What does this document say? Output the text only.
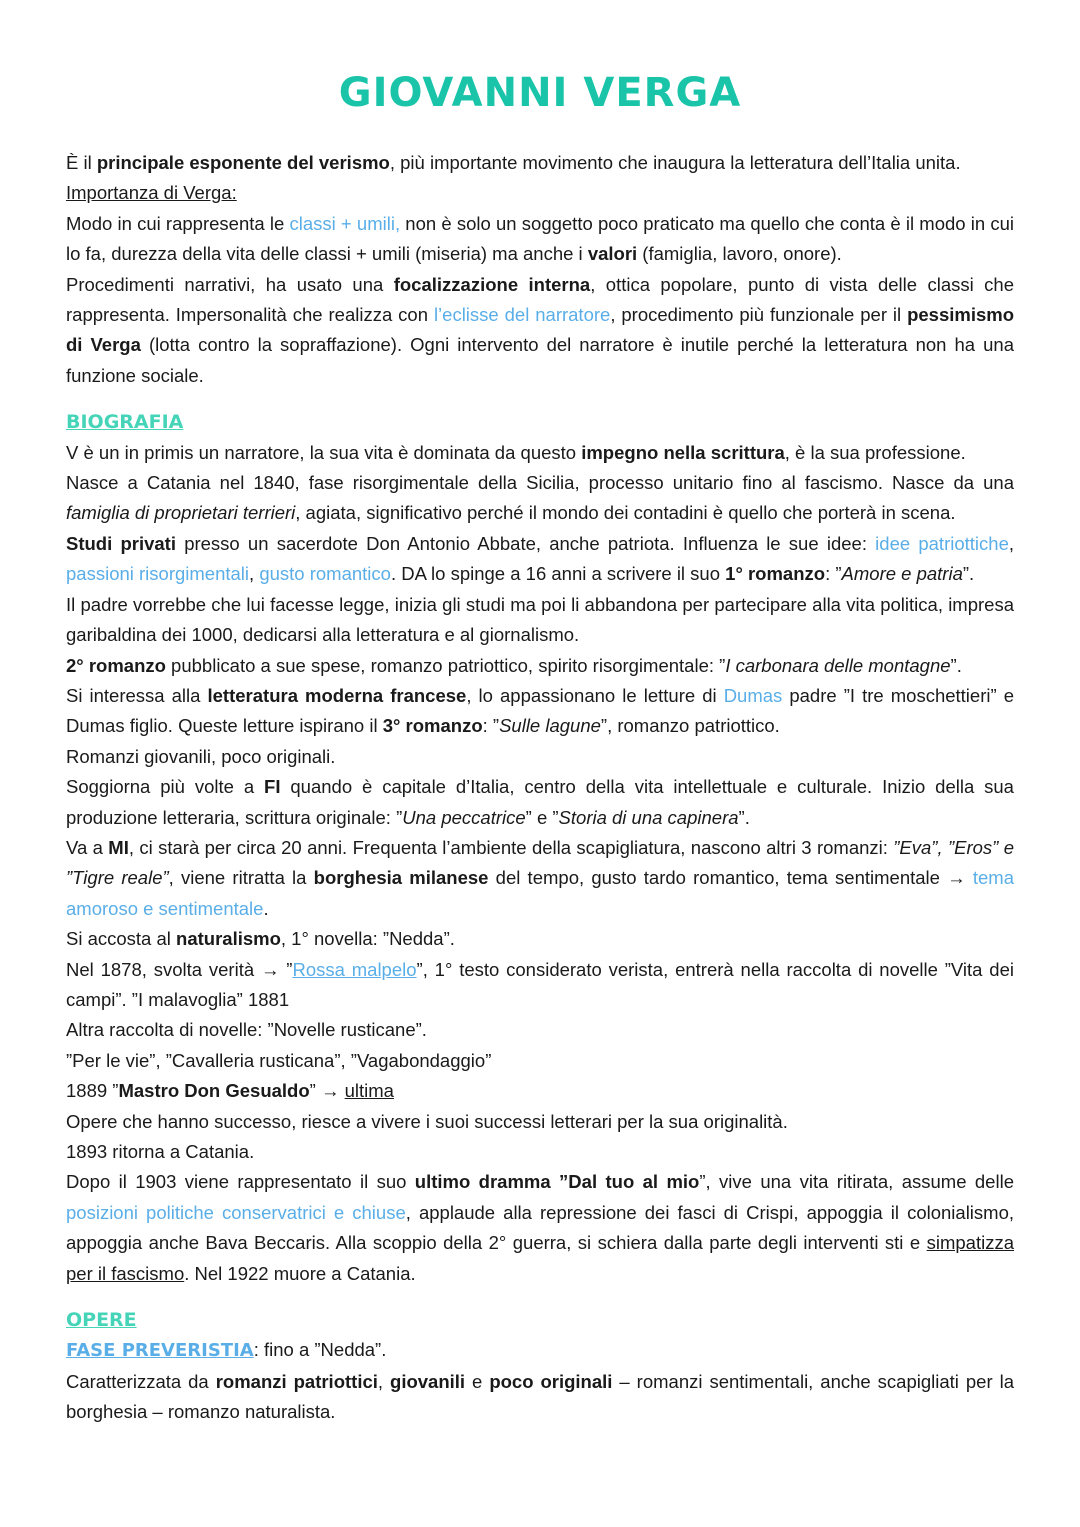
GIOVANNI VERGA

È il principale esponente del verismo, più importante movimento che inaugura la letteratura dell’Italia unita.

Importanza di Verga:

Modo in cui rappresenta le classi + umili, non è solo un soggetto poco praticato ma quello che conta è il modo in cui lo fa, durezza della vita delle classi + umili (miseria) ma anche i valori (famiglia, lavoro, onore).

Procedimenti narrativi, ha usato una focalizzazione interna, ottica popolare, punto di vista delle classi che rappresenta. Impersonalità che realizza con l’eclisse del narratore, procedimento più funzionale per il pessimismo di Verga (lotta contro la sopraffazione). Ogni intervento del narratore è inutile perché la letteratura non ha una funzione sociale.

BIOGRAFIA

V è un in primis un narratore, la sua vita è dominata da questo impegno nella scrittura, è la sua professione.

Nasce a Catania nel 1840, fase risorgimentale della Sicilia, processo unitario fino al fascismo. Nasce da una famiglia di proprietari terrieri, agiata, significativo perché il mondo dei contadini è quello che porterà in scena.

Studi privati presso un sacerdote Don Antonio Abbate, anche patriota. Influenza le sue idee: idee patriottiche, passioni risorgimentali, gusto romantico. DA lo spinge a 16 anni a scrivere il suo 1° romanzo: ”Amore e patria”.

Il padre vorrebbe che lui facesse legge, inizia gli studi ma poi li abbandona per partecipare alla vita politica, impresa garibaldina dei 1000, dedicarsi alla letteratura e al giornalismo.

2° romanzo pubblicato a sue spese, romanzo patriottico, spirito risorgimentale: ”I carbonara delle montagne”.

Si interessa alla letteratura moderna francese, lo appassionano le letture di Dumas padre ”I tre moschettieri” e Dumas figlio. Queste letture ispirano il 3° romanzo: ”Sulle lagune”, romanzo patriottico.

Romanzi giovanili, poco originali.

Soggiorna più volte a FI quando è capitale d’Italia, centro della vita intellettuale e culturale. Inizio della sua produzione letteraria, scrittura originale: ”Una peccatrice” e ”Storia di una capinera”.

Va a MI, ci starà per circa 20 anni. Frequenta l’ambiente della scapigliatura, nascono altri 3 romanzi: ”Eva”, ”Eros” e ”Tigre reale”, viene ritratta la borghesia milanese del tempo, gusto tardo romantico, tema sentimentale → tema amoroso e sentimentale.

Si accosta al naturalismo, 1° novella: ”Nedda”.

Nel 1878, svolta verità → ”Rossa malpelo”, 1° testo considerato verista, entrerà nella raccolta di novelle ”Vita dei campi”. ”I malavoglia” 1881

Altra raccolta di novelle: ”Novelle rusticane”.

”Per le vie”, ”Cavalleria rusticana”, ”Vagabondaggio”

1889 ”Mastro Don Gesualdo” → ultima

Opere che hanno successo, riesce a vivere i suoi successi letterari per la sua originalità.

1893 ritorna a Catania.

Dopo il 1903 viene rappresentato il suo ultimo dramma ”Dal tuo al mio”, vive una vita ritirata, assume delle posizioni politiche conservatrici e chiuse, applaude alla repressione dei fasci di Crispi, appoggia il colonialismo, appoggia anche Bava Beccaris. Alla scoppio della 2° guerra, si schiera dalla parte degli interventi sti e simpatizza per il fascismo. Nel 1922 muore a Catania.

OPERE

FASE PREVERISTIA: fino a ”Nedda”.

Caratterizzata da romanzi patriottici, giovanili e poco originali – romanzi sentimentali, anche scapigliati per la borghesia – romanzo naturalista.
